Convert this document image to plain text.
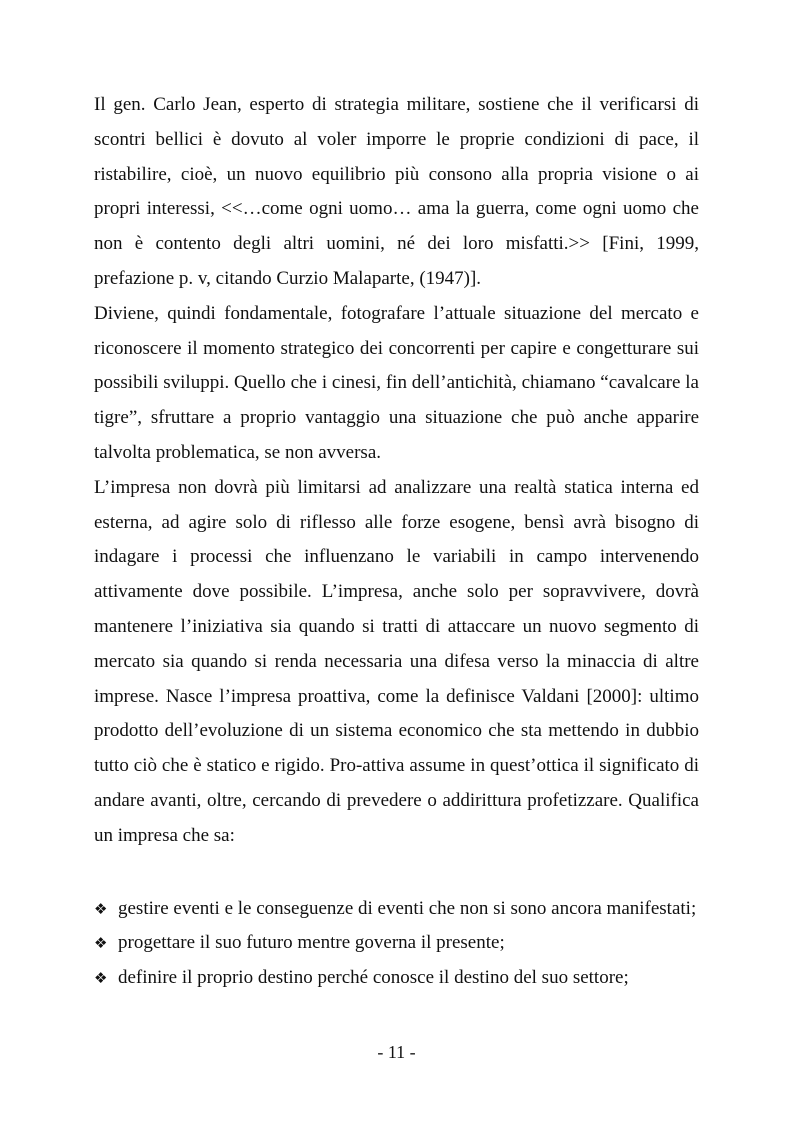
Il gen. Carlo Jean, esperto di strategia militare, sostiene che il verificarsi di scontri bellici è dovuto al voler imporre le proprie condizioni di pace, il ristabilire, cioè, un nuovo equilibrio più consono alla propria visione o ai propri interessi, <<…come ogni uomo… ama la guerra, come ogni uomo che non è contento degli altri uomini, né dei loro misfatti.>> [Fini, 1999, prefazione p. v, citando Curzio Malaparte, (1947)].

Diviene, quindi fondamentale, fotografare l’attuale situazione del mercato e riconoscere il momento strategico dei concorrenti per capire e congetturare sui possibili sviluppi. Quello che i cinesi, fin dell’antichità, chiamano “cavalcare la tigre”, sfruttare a proprio vantaggio una situazione che può anche apparire talvolta problematica, se non avversa.

L’impresa non dovrà più limitarsi ad analizzare una realtà statica interna ed esterna, ad agire solo di riflesso alle forze esogene, bensì avrà bisogno di indagare i processi che influenzano le variabili in campo intervenendo attivamente dove possibile. L’impresa, anche solo per sopravvivere, dovrà mantenere l’iniziativa sia quando si tratti di attaccare un nuovo segmento di mercato sia quando si renda necessaria una difesa verso la minaccia di altre imprese. Nasce l’impresa proattiva, come la definisce Valdani [2000]: ultimo prodotto dell’evoluzione di un sistema economico che sta mettendo in dubbio tutto ciò che è statico e rigido. Pro-attiva assume in quest’ottica il significato di andare avanti, oltre, cercando di prevedere o addirittura profetizzare. Qualifica un impresa che sa:

❖ gestire eventi e le conseguenze di eventi che non si sono ancora manifestati;
❖ progettare il suo futuro mentre governa il presente;
❖ definire il proprio destino perché conosce il destino del suo settore;
- 11 -
